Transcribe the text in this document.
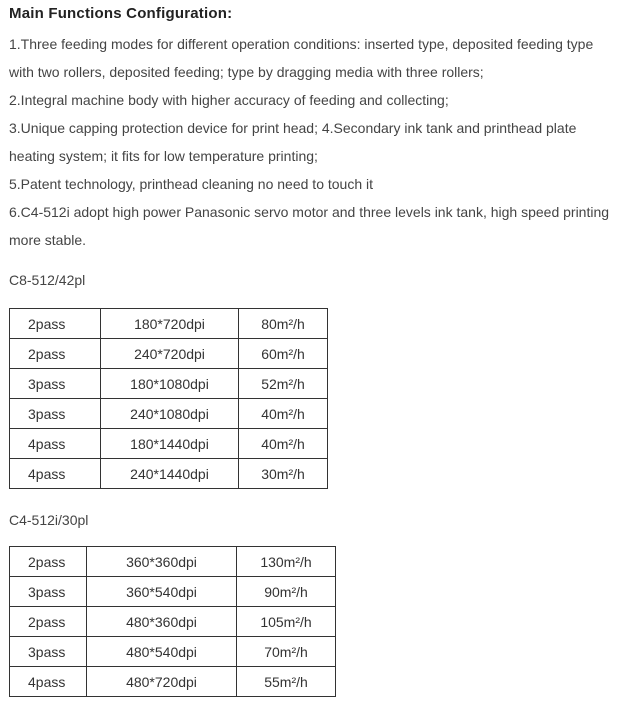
Main Functions Configuration:
1.Three feeding modes for different operation conditions: inserted type, deposited feeding type
with two rollers, deposited feeding; type by dragging media with three rollers;
2.Integral machine body with higher accuracy of feeding and collecting;
3.Unique capping protection device for print head; 4.Secondary ink tank and printhead plate
heating system; it fits for low temperature printing;
5.Patent technology, printhead cleaning no need to touch it
6.C4-512i adopt high power Panasonic servo motor and three levels ink tank, high speed printing
more stable.
C8-512/42pl
2pass	180*720dpi	80m²/h
2pass	240*720dpi	60m²/h
3pass	180*1080dpi	52m²/h
3pass	240*1080dpi	40m²/h
4pass	180*1440dpi	40m²/h
4pass	240*1440dpi	30m²/h
C4-512i/30pl
2pass	360*360dpi	130m²/h
3pass	360*540dpi	90m²/h
2pass	480*360dpi	105m²/h
3pass	480*540dpi	70m²/h
4pass	480*720dpi	55m²/h
